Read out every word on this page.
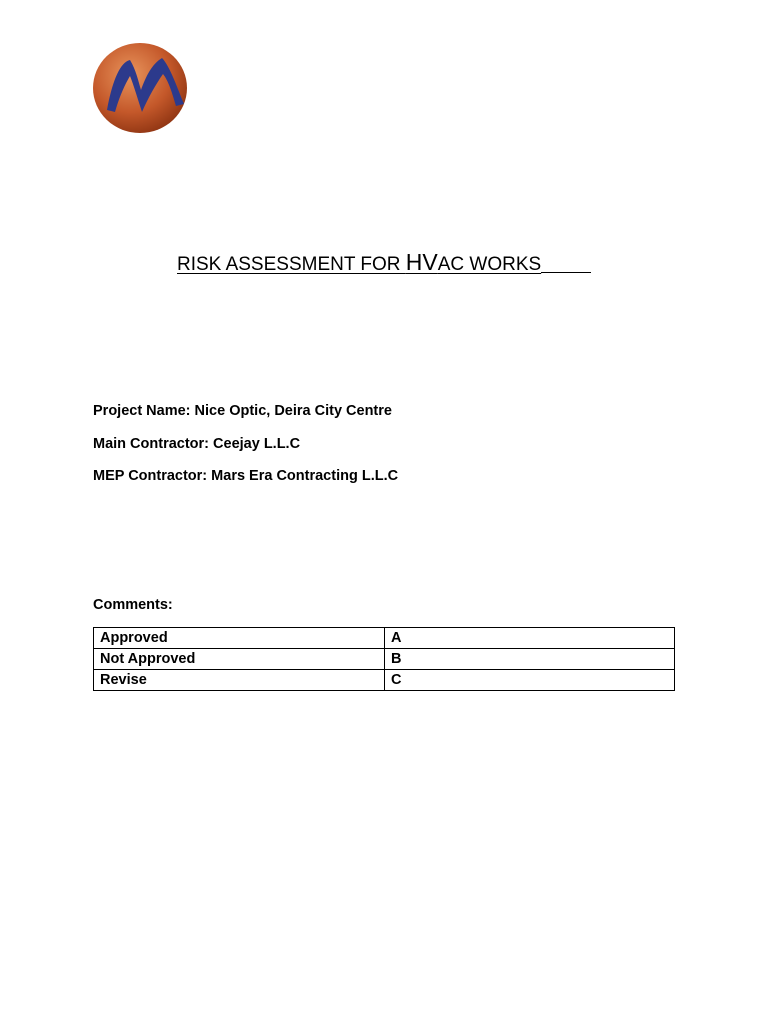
RISK ASSESSMENT FOR HVAC WORKS
Project Name: Nice Optic, Deira City Centre
Main Contractor: Ceejay L.L.C
MEP Contractor: Mars Era Contracting L.L.C
Comments:
Approved	A
Not Approved	B
Revise	C
